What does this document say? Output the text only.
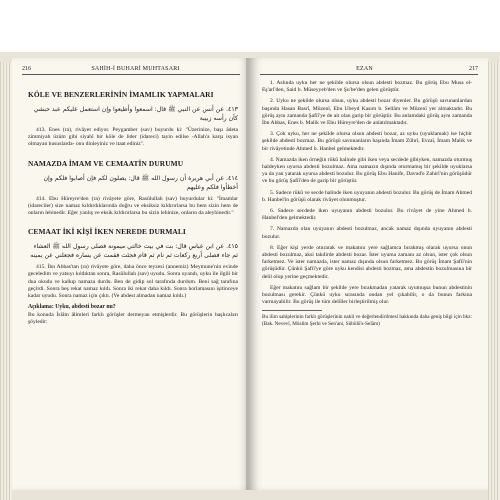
216	SAHİH-İ BUHARİ MUHTASARI
KÖLE VE BENZERLERİNİN İMAMLIK YAPMALARI

٤١٣. عن أنس عن النبي ﷺ قال: اسمعوا وأطيعوا وإن استعمل عليكم عبد حبشي كأن رأسه زبيبة

413. Enes (ra), rivâyet ediyor. Peygamber (sav) buyurdu ki: "Üzerinize, başı âdeta zimmiyah üzüm gibi siyahî bir köle de lider (idareci) tayin edilse -Allah'a karşı isyan olmayan hususlarda- onu dinleyiniz ve itaat ediniz".

NAMAZDA İMAM VE CEMAATİN DURUMU

٤١٤. عن أبي هريرة أن رسول الله ﷺ قال: يصلون لكم فإن أصابوا فلكم وإن أخطأوا فلكم وعليهم

414. Ebu Hüreyre'den (ra) rivâyete göre, Rasûlullah (sav) buyurdular ki: "İmamlar (idareciler) size namaz kıldırdıklarında doğru ve eksiksiz kıldırırlarsa bu hem sizin hem de onların lehinedir. Eğer yanlış ve eksik kıldırırlarsa bu sizin lehinize, onların da aleyhinedir."

CEMAAT İKİ KİŞİ İKEN NEREDE DURMALI

٤١٥. عن ابن عباس قال: بت في بيت خالتي ميمونة فصلى رسول الله ﷺ العشاء ثم جاء فصلى أربع ركعات ثم نام ثم قام فجئت فقمت عن يساره فجعلني عن يمينه

415. İbn Abbas'tan (ra) rivâyete göre, daha önce teyzesi (annemiz) Meymune'nin evinde geceledim ve yatsıyı kıldıktan sonra, Rasûlullah (sav) uyudu. Sonra uyandı, uyku ile ilgili bir dua okudu ve kalkıp namaza durdu. Ben de gidip sol tarafında durdum. Beni sağ tarafına geçirdi. Sonra beş rekat namaz kıldı. Sonra iki rekat daha kıldı. Sonra horlamasını işitinceye kadar uyudu. Sonra namaz için çıktı. (Ve abdest almadan namaz kıldı.)

Açıklama: Uyku, abdesti bozar mı?

Bu konuda İslâm âlimleri farklı görüşler dermeyan etmişlerdir. Bu görüşlerin başlıcaları şöyledir:

EZAN	217

1. Aslında uyku her ne şekilde olursa olsun abdesti bozmaz. Bu görüş Ebu Musa el-Eş'arî'den, Said b. Müseyyeb'den ve Şu'be'den gelen görüştür.

2. Uyku ne şekilde olursa olsun, uyku abdesti bozar diyenler. Bu görüşü savunanlardan başında Hasan Basrî, Müzenî, Ebu Ubeyd Kasım b. Sellâm ve Mûzenî yer almaktadır. Bu görüş aynı zamanda Şafiî'ye de ait olan garip bir görüştür. Bu anlamdaki görüş aynı zamanda İbn Abbas, Enes b. Malik ve Ebu Hüreyre'den de anlatılmaktadır.

3. Çok uyku, her ne şekilde olursa olsun abdesti bozar, az uyku (uyuklamak) ise hiçbir şekilde abdesti bozmaz. Bu görüşü savunanların başında İmam Zührî, Evzaî, İmam Malik ve bir rivâyetinde Ahmed b. Hanbel gelmektedir.

4. Namazda iken örneğin rükû halinde gibi iken veya secdede gibiyken, namazda oturmuş haldeyken uyursa abdesti bozulmaz. Ama namazın dışında oturmamış bir şekilde uyuklarsa ya da yan yatarak uyursa abdesti bozulur. Bu görüş Ebu Hanife, Davud'e Zahirî'nin görüşüdür ve bu görüş Şafiî'den de garip bir görüştür.

5. Sadece rükû ve secde halinde iken uyuyanın abdesti bozulur. Bu görüş de İmam Ahmed b. Hanbel'in görüşü olarak rivâyet olunmuştur.

6. Sadece secdede iken uyuyanın abdesti bozulur. Bu rivâyet de yine Ahmed b. Hanbel'den gelmektedir.

7. Namazda olan uyuyanın abdesti bozulmaz, ancak namaz dışında uyuyanın abdesti bozulur.

8. Eğer kişi yerde oturarak ve makatını yere sağlamca bırakmış olarak uyursa onun abdesti bozulmaz, aksi takdirde abdesti bozar. İster uyuma zamanı az olsun, ister çok olsun farketmez. Ve ister namazda, ister namaz dışında olsun farketmez. Bu görüş İmam Şafiî'nin görüşüdür. Çünkü Şafiî'ye göre uyku kendisi abdesti bozmaz, ama abdestin bozulmasına bir delil olup yerine geçmektedir.

Eğer makatını sağlam bir şekilde yere bırakmadan yatarak uyumuşsa bunun abdestinin bozulması gerekir. Çünkü uyku sırasında ondan yel çıkabilir, o da bunun farkına varmayabilir. Bu görüş ile tüm deliller birleştirilmiş olur.

Bu ilim sahiplerinin farklı görüşlerinin nakli ve değerlendirilmesi hakkında daha geniş bilgi için bkz: (Bak. Nevevî, Müslim Şerhi ve Sen'ani, Sübülü's-Selâm)
